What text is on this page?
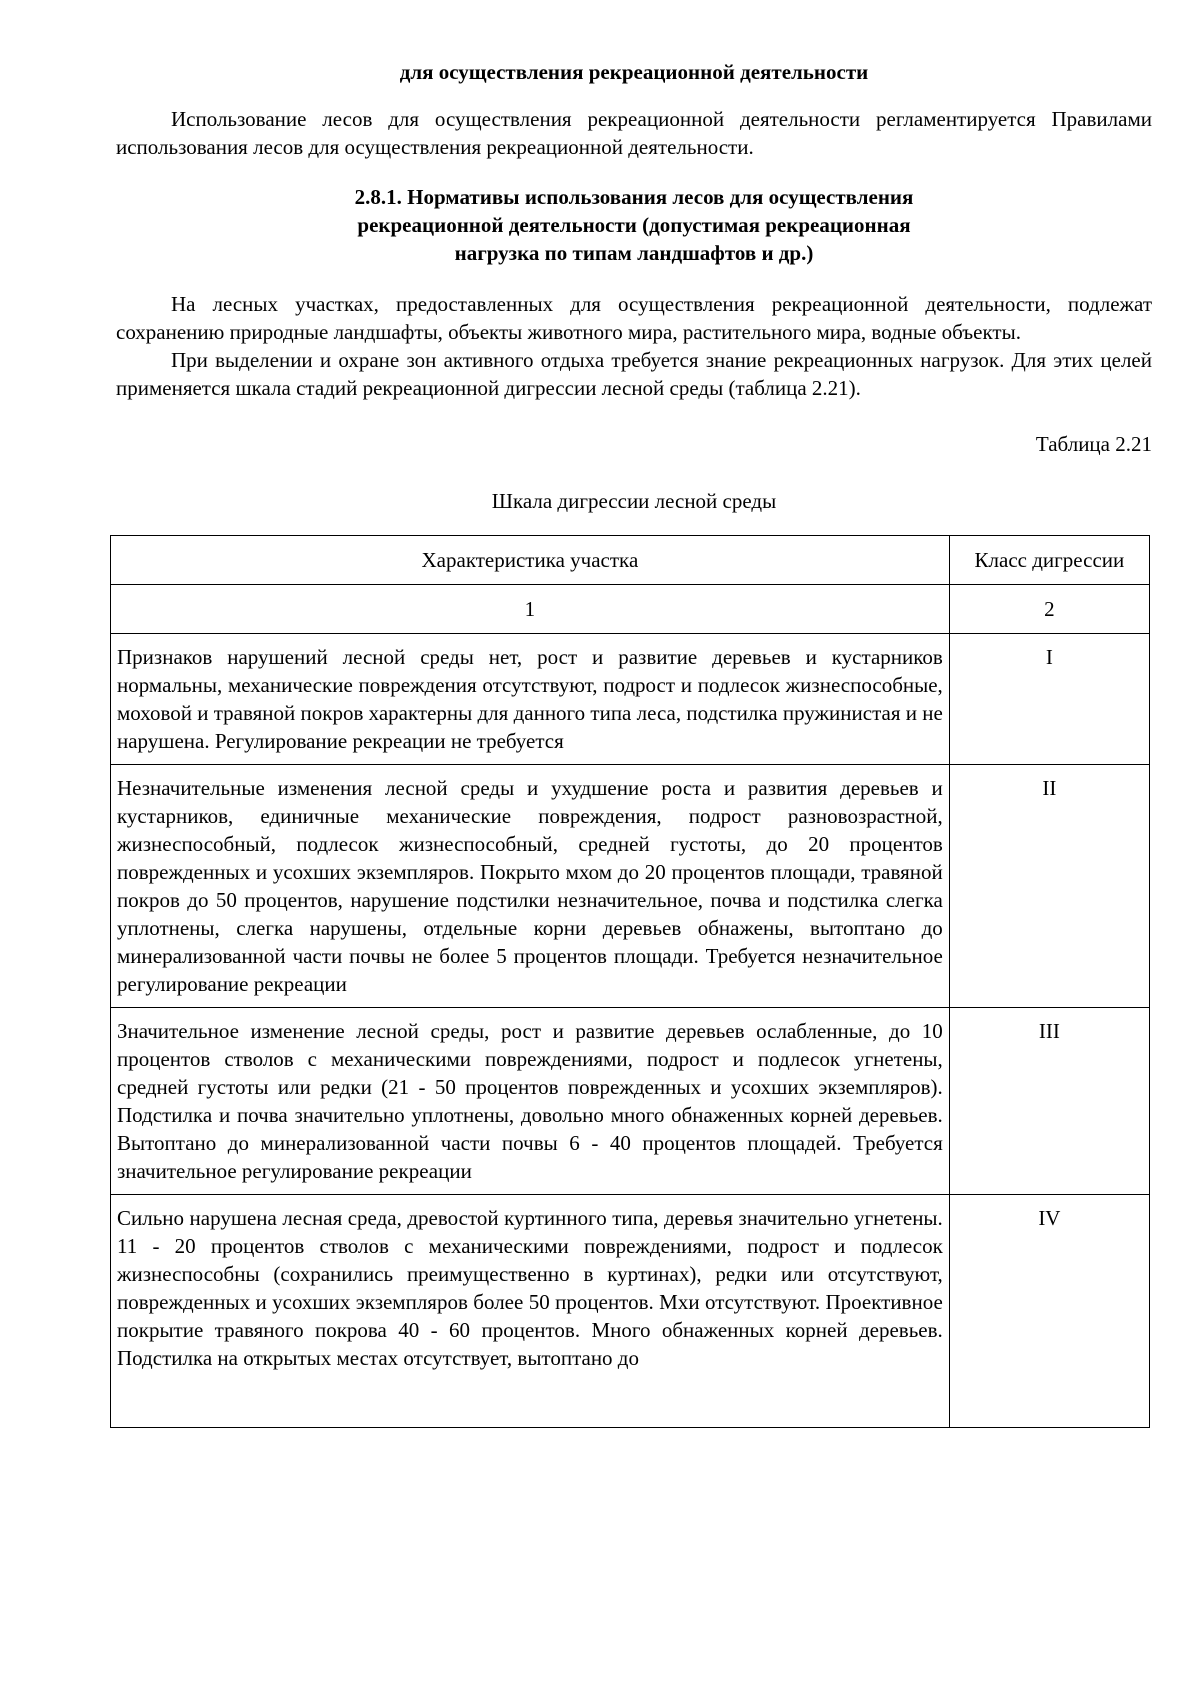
для осуществления рекреационной деятельности

Использование лесов для осуществления рекреационной деятельности регламентируется Правилами использования лесов для осуществления рекреационной деятельности.

2.8.1. Нормативы использования лесов для осуществления
рекреационной деятельности (допустимая рекреационная
нагрузка по типам ландшафтов и др.)

На лесных участках, предоставленных для осуществления рекреационной деятельности, подлежат сохранению природные ландшафты, объекты животного мира, растительного мира, водные объекты.

При выделении и охране зон активного отдыха требуется знание рекреационных нагрузок. Для этих целей применяется шкала стадий рекреационной дигрессии лесной среды (таблица 2.21).

Таблица 2.21
Шкала дигрессии лесной среды
Характеристика участка	Класс дигрессии
1	2
Признаков нарушений лесной среды нет, рост и развитие деревьев и кустарников нормальны, механические повреждения отсутствуют, подрост и подлесок жизнеспособные, моховой и травяной покров характерны для данного типа леса, подстилка пружинистая и не нарушена. Регулирование рекреации не требуется	I
Незначительные изменения лесной среды и ухудшение роста и развития деревьев и кустарников, единичные механические повреждения, подрост разновозрастной, жизнеспособный, подлесок жизнеспособный, средней густоты, до 20 процентов поврежденных и усохших экземпляров. Покрыто мхом до 20 процентов площади, травяной покров до 50 процентов, нарушение подстилки незначительное, почва и подстилка слегка уплотнены, слегка нарушены, отдельные корни деревьев обнажены, вытоптано до минерализованной части почвы не более 5 процентов площади. Требуется незначительное регулирование рекреации	II
Значительное изменение лесной среды, рост и развитие деревьев ослабленные, до 10 процентов стволов с механическими повреждениями, подрост и подлесок угнетены, средней густоты или редки (21 - 50 процентов поврежденных и усохших экземпляров). Подстилка и почва значительно уплотнены, довольно много обнаженных корней деревьев. Вытоптано до минерализованной части почвы 6 - 40 процентов площадей. Требуется значительное регулирование рекреации	III
Сильно нарушена лесная среда, древостой куртинного типа, деревья значительно угнетены. 11 - 20 процентов стволов с механическими повреждениями, подрост и подлесок жизнеспособны (сохранились преимущественно в куртинах), редки или отсутствуют, поврежденных и усохших экземпляров более 50 процентов. Мхи отсутствуют. Проективное покрытие травяного покрова 40 - 60 процентов. Много обнаженных корней деревьев. Подстилка на открытых местах отсутствует, вытоптано до	IV
